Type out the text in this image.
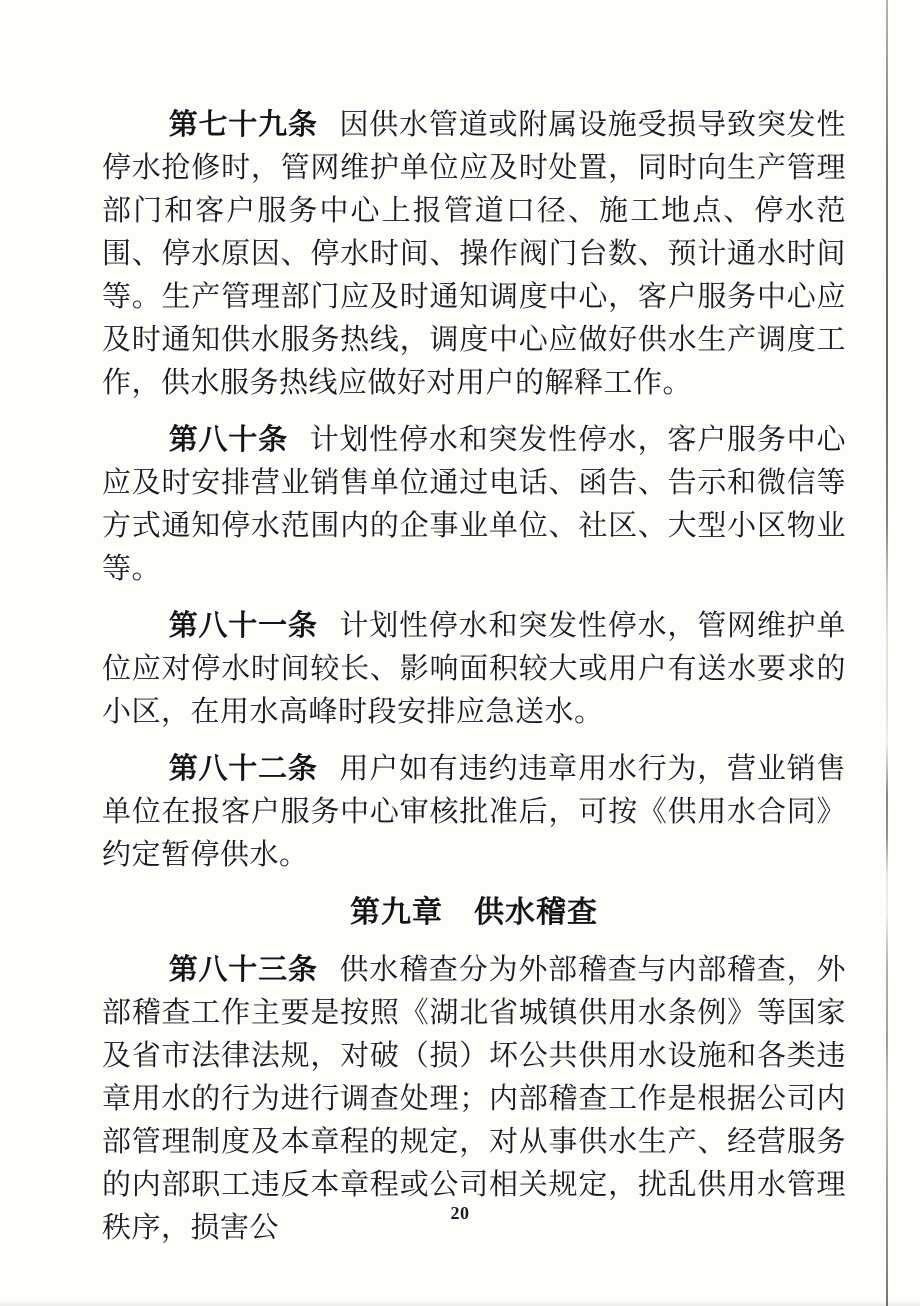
第七十九条 因供水管道或附属设施受损导致突发性停水抢修时，管网维护单位应及时处置，同时向生产管理部门和客户服务中心上报管道口径、施工地点、停水范围、停水原因、停水时间、操作阀门台数、预计通水时间等。生产管理部门应及时通知调度中心，客户服务中心应及时通知供水服务热线，调度中心应做好供水生产调度工作，供水服务热线应做好对用户的解释工作。

第八十条 计划性停水和突发性停水，客户服务中心应及时安排营业销售单位通过电话、函告、告示和微信等方式通知停水范围内的企事业单位、社区、大型小区物业等。

第八十一条 计划性停水和突发性停水，管网维护单位应对停水时间较长、影响面积较大或用户有送水要求的小区，在用水高峰时段安排应急送水。

第八十二条 用户如有违约违章用水行为，营业销售单位在报客户服务中心审核批准后，可按《供用水合同》约定暂停供水。

第九章　供水稽查

第八十三条 供水稽查分为外部稽查与内部稽查，外部稽查工作主要是按照《湖北省城镇供用水条例》等国家及省市法律法规，对破（损）坏公共供用水设施和各类违章用水的行为进行调查处理；内部稽查工作是根据公司内部管理制度及本章程的规定，对从事供水生产、经营服务的内部职工违反本章程或公司相关规定，扰乱供用水管理秩序，损害公	20
